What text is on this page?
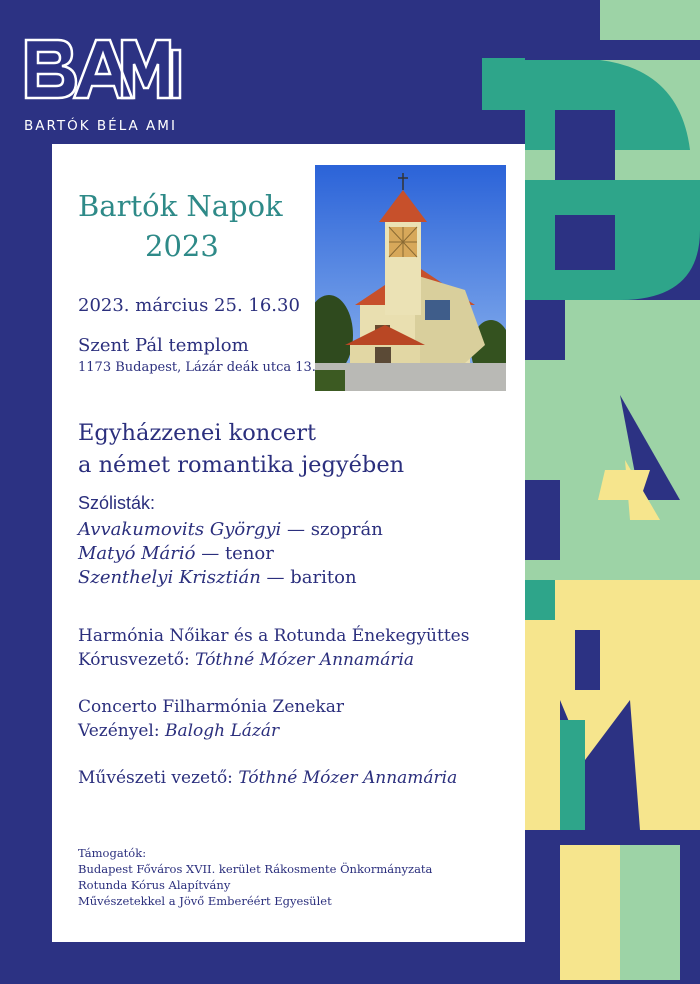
BARTÓK BÉLA AMI
Bartók Napok
2023
2023. március 25. 16.30
Szent Pál templom
1173 Budapest, Lázár deák utca 13.
Egyházzenei koncert
a német romantika jegyében
Szólisták:
Avvakumovits Györgyi — szoprán
Matyó Márió — tenor
Szenthelyi Krisztián — bariton
Harmónia Nőikar és a Rotunda Énekegyüttes
Kórusvezető: Tóthné Mózer Annamária
Concerto Filharmónia Zenekar
Vezényel: Balogh Lázár
Művészeti vezető: Tóthné Mózer Annamária
Támogatók:
Budapest Főváros XVII. kerület Rákosmente Önkormányzata
Rotunda Kórus Alapítvány
Művészetekkel a Jövő Emberéért Egyesület
